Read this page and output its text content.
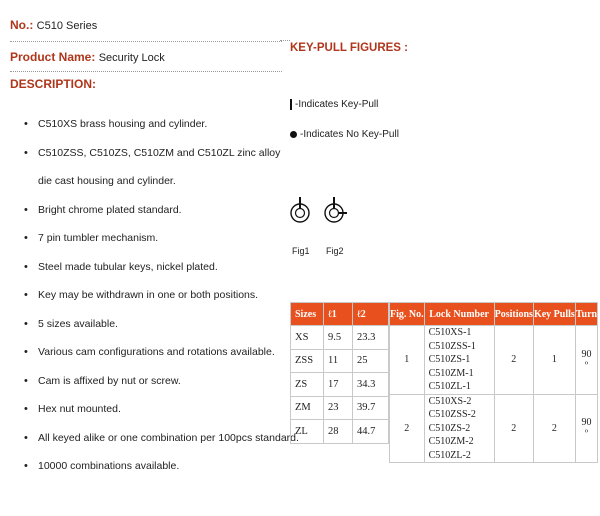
No.: C510 Series
Product Name: Security Lock
DESCRIPTION:
• C510XS brass housing and cylinder.
• C510ZSS, C510ZS, C510ZM and C510ZL zinc alloy
die cast housing and cylinder.
• Bright chrome plated standard.
• 7 pin tumbler mechanism.
• Steel made tubular keys, nickel plated.
• Key may be withdrawn in one or both positions.
• 5 sizes available.
• Various cam configurations and rotations available.
• Cam is affixed by nut or screw.
• Hex nut mounted.
• All keyed alike or one combination per 100pcs standard.
• 10000 combinations available.
KEY-PULL FIGURES :
-Indicates Key-Pull
-Indicates No Key-Pull
Fig1 Fig2
Sizes	ℓ1	ℓ2
XS	9.5	23.3
ZSS	11	25
ZS	17	34.3
ZM	23	39.7
ZL	28	44.7
Fig. No.	Lock Number	Positions	Key Pulls	Turn
1	C510XS-1 C510ZSS-1
C510ZS-1 C510ZM-1
C510ZL-1	2	1	90 º
2	C510XS-2 C510ZSS-2
C510ZS-2 C510ZM-2
C510ZL-2	2	2	90 º
